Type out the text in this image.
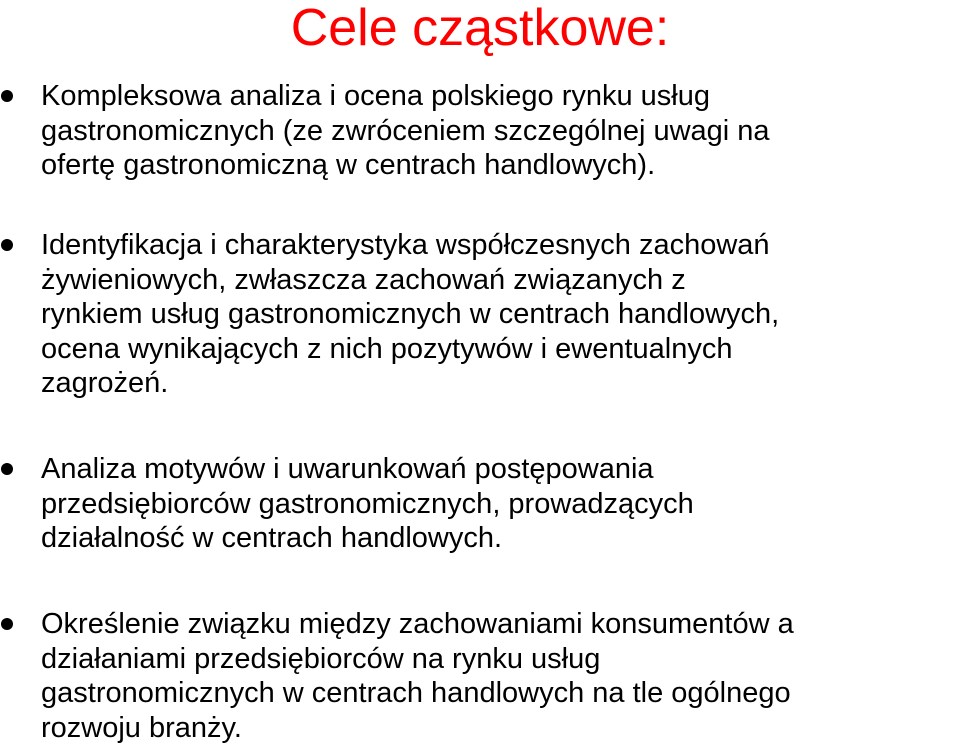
Cele cząstkowe:
Kompleksowa analiza i ocena polskiego rynku usług
gastronomicznych (ze zwróceniem szczególnej uwagi na
ofertę gastronomiczną w centrach handlowych).
Identyfikacja i charakterystyka współczesnych zachowań
żywieniowych, zwłaszcza zachowań związanych z
rynkiem usług gastronomicznych w centrach handlowych,
ocena wynikających z nich pozytywów i ewentualnych
zagrożeń.
Analiza motywów i uwarunkowań postępowania
przedsiębiorców gastronomicznych, prowadzących
działalność w centrach handlowych.
Określenie związku między zachowaniami konsumentów a
działaniami przedsiębiorców na rynku usług
gastronomicznych w centrach handlowych na tle ogólnego
rozwoju branży.
